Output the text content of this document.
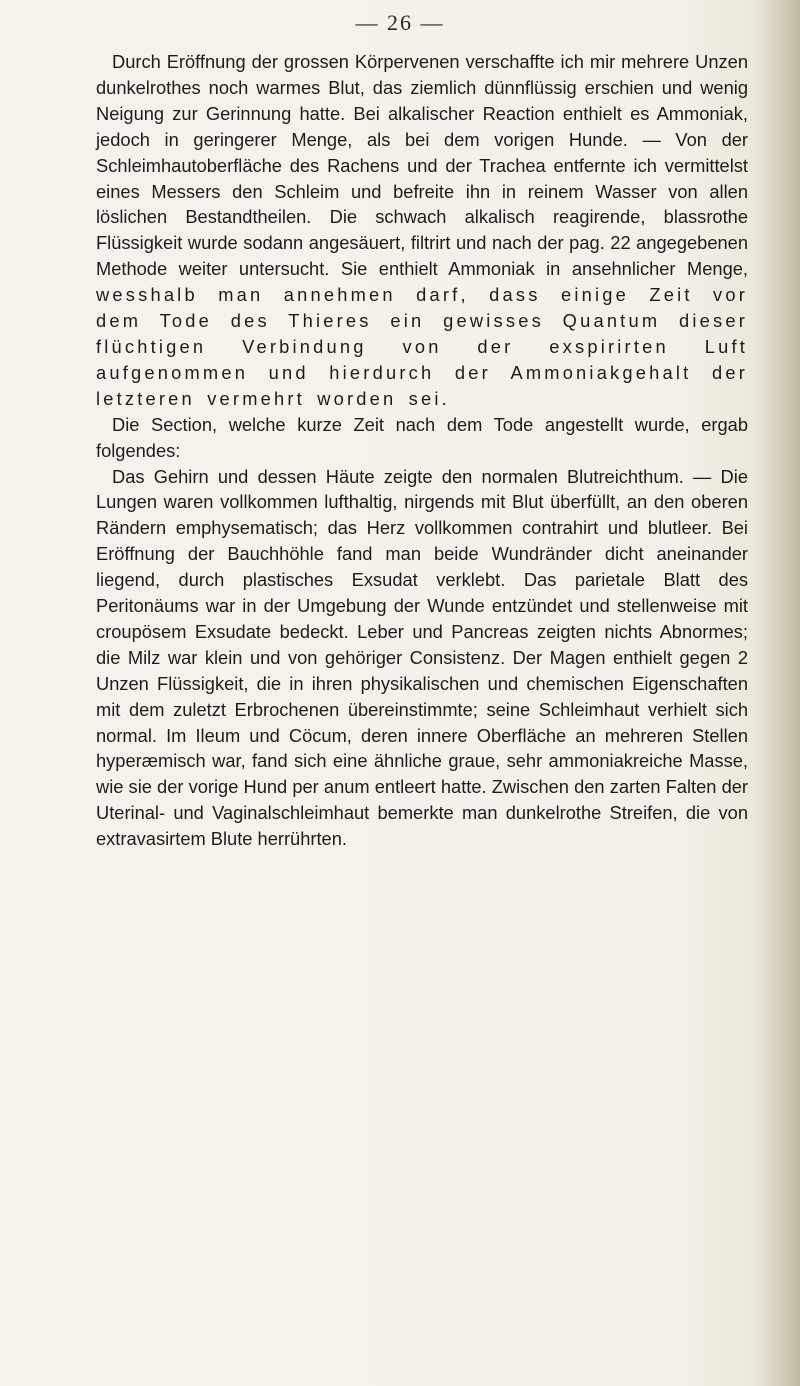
— 26 —

Durch Eröffnung der grossen Körpervenen verschaffte ich mir mehrere Unzen dunkelrothes noch warmes Blut, das ziemlich dünnflüssig erschien und wenig Neigung zur Gerinnung hatte. Bei alkalischer Reaction enthielt es Ammoniak, jedoch in geringerer Menge, als bei dem vorigen Hunde. — Von der Schleimhautoberfläche des Rachens und der Trachea entfernte ich vermittelst eines Messers den Schleim und befreite ihn in reinem Wasser von allen löslichen Bestandtheilen. Die schwach alkalisch reagirende, blassrothe Flüssigkeit wurde sodann angesäuert, filtrirt und nach der pag. 22 angegebenen Methode weiter untersucht. Sie enthielt Ammoniak in ansehnlicher Menge, wesshalb man annehmen darf, dass einige Zeit vor dem Tode des Thieres ein gewisses Quantum dieser flüchtigen Verbindung von der exspirirten Luft aufgenommen und hierdurch der Ammoniakgehalt der letzteren vermehrt worden sei.

Die Section, welche kurze Zeit nach dem Tode angestellt wurde, ergab folgendes:

Das Gehirn und dessen Häute zeigte den normalen Blutreichthum. — Die Lungen waren vollkommen lufthaltig, nirgends mit Blut überfüllt, an den oberen Rändern emphysematisch; das Herz vollkommen contrahirt und blutleer. Bei Eröffnung der Bauchhöhle fand man beide Wundränder dicht aneinander liegend, durch plastisches Exsudat verklebt. Das parietale Blatt des Peritonäums war in der Umgebung der Wunde entzündet und stellenweise mit croupösem Exsudate bedeckt. Leber und Pancreas zeigten nichts Abnormes; die Milz war klein und von gehöriger Consistenz. Der Magen enthielt gegen 2 Unzen Flüssigkeit, die in ihren physikalischen und chemischen Eigenschaften mit dem zuletzt Erbrochenen übereinstimmte; seine Schleimhaut verhielt sich normal. Im Ileum und Cöcum, deren innere Oberfläche an mehreren Stellen hyperæmisch war, fand sich eine ähnliche graue, sehr ammoniakreiche Masse, wie sie der vorige Hund per anum entleert hatte. Zwischen den zarten Falten der Uterinal- und Vaginalschleimhaut bemerkte man dunkelrothe Streifen, die von extravasirtem Blute herrührten.
